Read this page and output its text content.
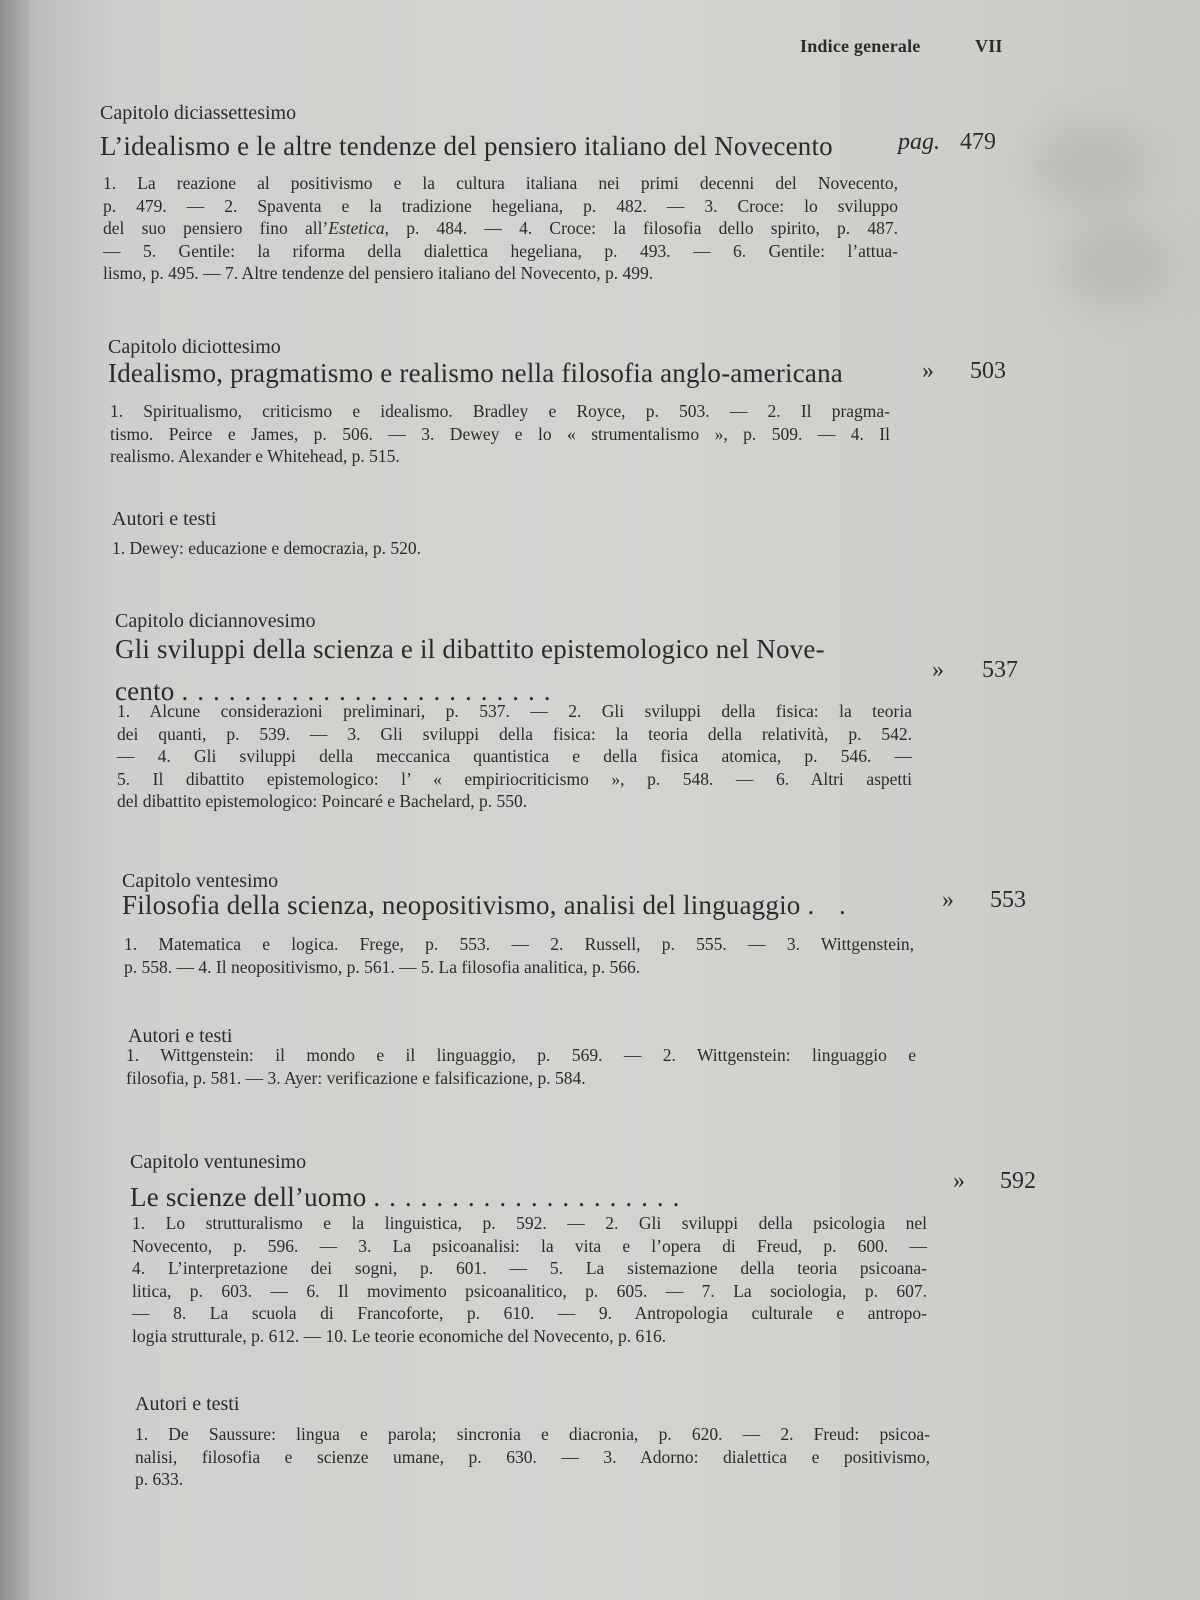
Indice generale	VII
Capitolo diciassettesimo
L’idealismo e le altre tendenze del pensiero italiano del Novecento	pag. 479
1. La reazione al positivismo e la cultura italiana nei primi decenni del Novecento,
p. 479. — 2. Spaventa e la tradizione hegeliana, p. 482. — 3. Croce: lo sviluppo
del suo pensiero fino all’Estetica, p. 484. — 4. Croce: la filosofia dello spirito, p. 487.
— 5. Gentile: la riforma della dialettica hegeliana, p. 493. — 6. Gentile: l’attua-
lismo, p. 495. — 7. Altre tendenze del pensiero italiano del Novecento, p. 499.
Capitolo diciottesimo
Idealismo, pragmatismo e realismo nella filosofia anglo-americana	» 503
1. Spiritualismo, criticismo e idealismo. Bradley e Royce, p. 503. — 2. Il pragma-
tismo. Peirce e James, p. 506. — 3. Dewey e lo « strumentalismo », p. 509. — 4. Il
realismo. Alexander e Whitehead, p. 515.
Autori e testi
1. Dewey: educazione e democrazia, p. 520.
Capitolo diciannovesimo
Gli sviluppi della scienza e il dibattito epistemologico nel Nove-
cento ........................
» 537
1. Alcune considerazioni preliminari, p. 537. — 2. Gli sviluppi della fisica: la teoria
dei quanti, p. 539. — 3. Gli sviluppi della fisica: la teoria della relatività, p. 542.
— 4. Gli sviluppi della meccanica quantistica e della fisica atomica, p. 546. —
5. Il dibattito epistemologico: l’ « empiriocriticismo », p. 548. — 6. Altri aspetti
del dibattito epistemologico: Poincaré e Bachelard, p. 550.
Capitolo ventesimo
Filosofia della scienza, neopositivismo, analisi del linguaggio . .	» 553
1. Matematica e logica. Frege, p. 553. — 2. Russell, p. 555. — 3. Wittgenstein,
p. 558. — 4. Il neopositivismo, p. 561. — 5. La filosofia analitica, p. 566.
Autori e testi
1. Wittgenstein: il mondo e il linguaggio, p. 569. — 2. Wittgenstein: linguaggio e
filosofia, p. 581. — 3. Ayer: verificazione e falsificazione, p. 584.
Capitolo ventunesimo
Le scienze dell’uomo ....................
» 592
1. Lo strutturalismo e la linguistica, p. 592. — 2. Gli sviluppi della psicologia nel
Novecento, p. 596. — 3. La psicoanalisi: la vita e l’opera di Freud, p. 600. —
4. L’interpretazione dei sogni, p. 601. — 5. La sistemazione della teoria psicoana-
litica, p. 603. — 6. Il movimento psicoanalitico, p. 605. — 7. La sociologia, p. 607.
— 8. La scuola di Francoforte, p. 610. — 9. Antropologia culturale e antropo-
logia strutturale, p. 612. — 10. Le teorie economiche del Novecento, p. 616.
Autori e testi
1. De Saussure: lingua e parola; sincronia e diacronia, p. 620. — 2. Freud: psicoa-
nalisi, filosofia e scienze umane, p. 630. — 3. Adorno: dialettica e positivismo,
p. 633.
